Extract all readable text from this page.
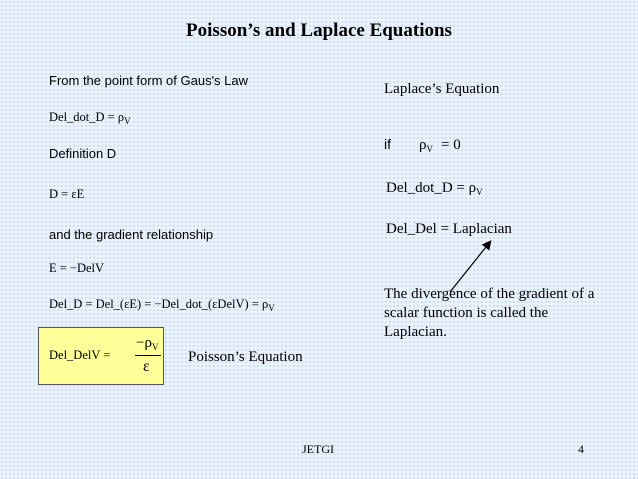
Poisson’s and Laplace Equations
From the point form of Gaus's Law
Del_dot_D = $\rho_V$
Definition D
D = εE
and the gradient relationship
E = −DelV
Del_D = Del_(εE) = −Del_dot_(εDelV) = $\rho_V$
Del_DelV =
$-\rho_V$
ε
Poisson’s Equation
Laplace’s Equation
if ρV = 0
Del_dot_D = $\rho_V$
Del_Del = Laplacian
The divergence of the gradient of a scalar function is called the Laplacian.
JETGI	4
